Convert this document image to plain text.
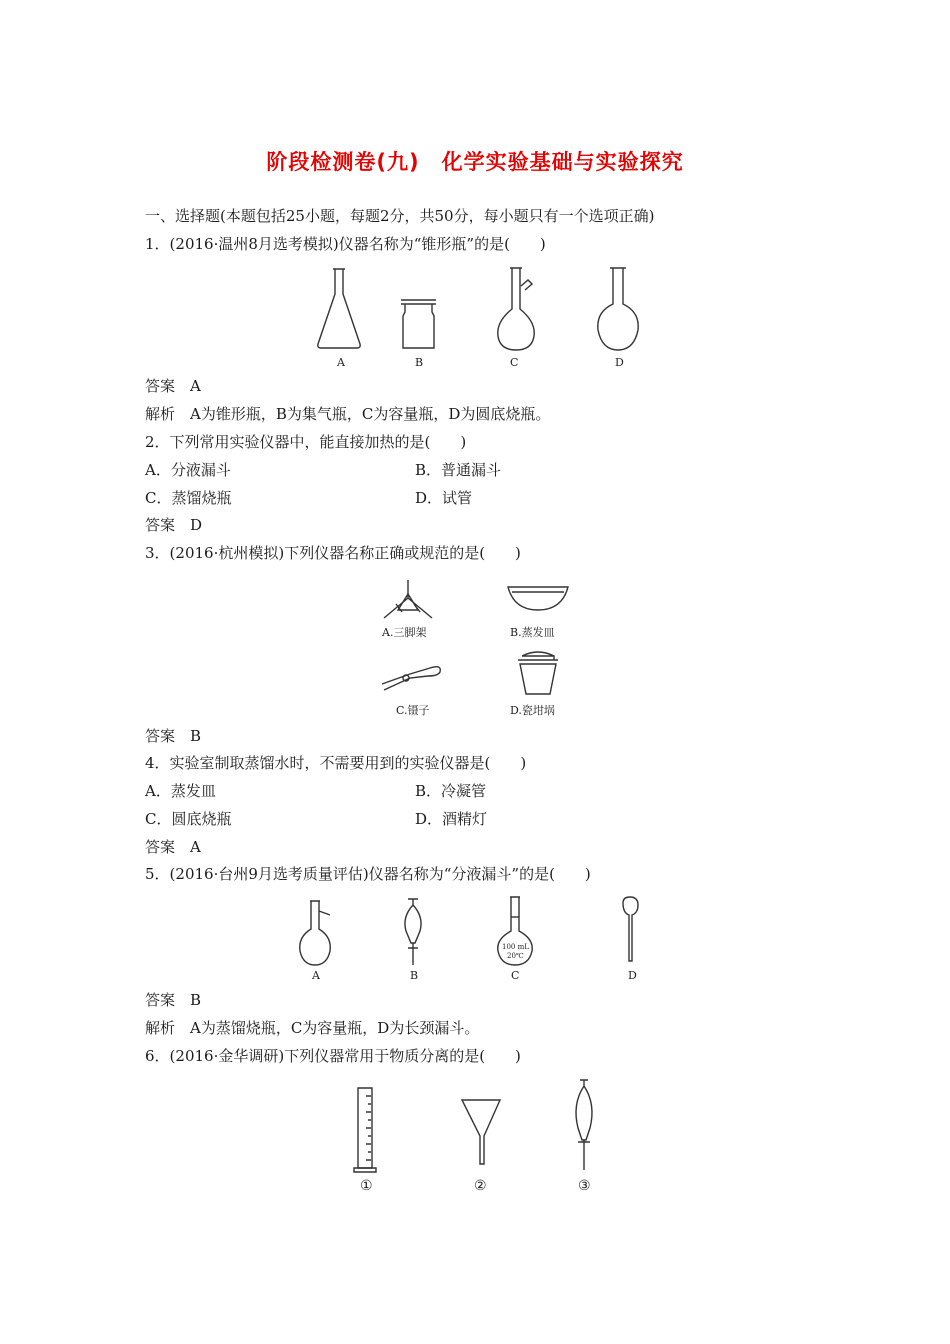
阶段检测卷(九)　化学实验基础与实验探究
一、选择题(本题包括25小题，每题2分，共50分，每小题只有一个选项正确)
1．(2016·温州8月选考模拟)仪器名称为“锥形瓶”的是(　　)
A	B	C	D
答案　A
解析　A为锥形瓶，B为集气瓶，C为容量瓶，D为圆底烧瓶。
2．下列常用实验仪器中，能直接加热的是(　　)
A．分液漏斗	B．普通漏斗
C．蒸馏烧瓶	D．试管
答案　D
3．(2016·杭州模拟)下列仪器名称正确或规范的是(　　)
A.三脚架	B.蒸发皿
C.镊子	D.瓷坩埚
答案　B
4．实验室制取蒸馏水时，不需要用到的实验仪器是(　　)
A．蒸发皿	B．冷凝管
C．圆底烧瓶	D．酒精灯
答案　A
5．(2016·台州9月选考质量评估)仪器名称为“分液漏斗”的是(　　)
100 mL
20℃
A	B	C	D
答案　B
解析　A为蒸馏烧瓶，C为容量瓶，D为长颈漏斗。
6．(2016·金华调研)下列仪器常用于物质分离的是(　　)
①	②	③
